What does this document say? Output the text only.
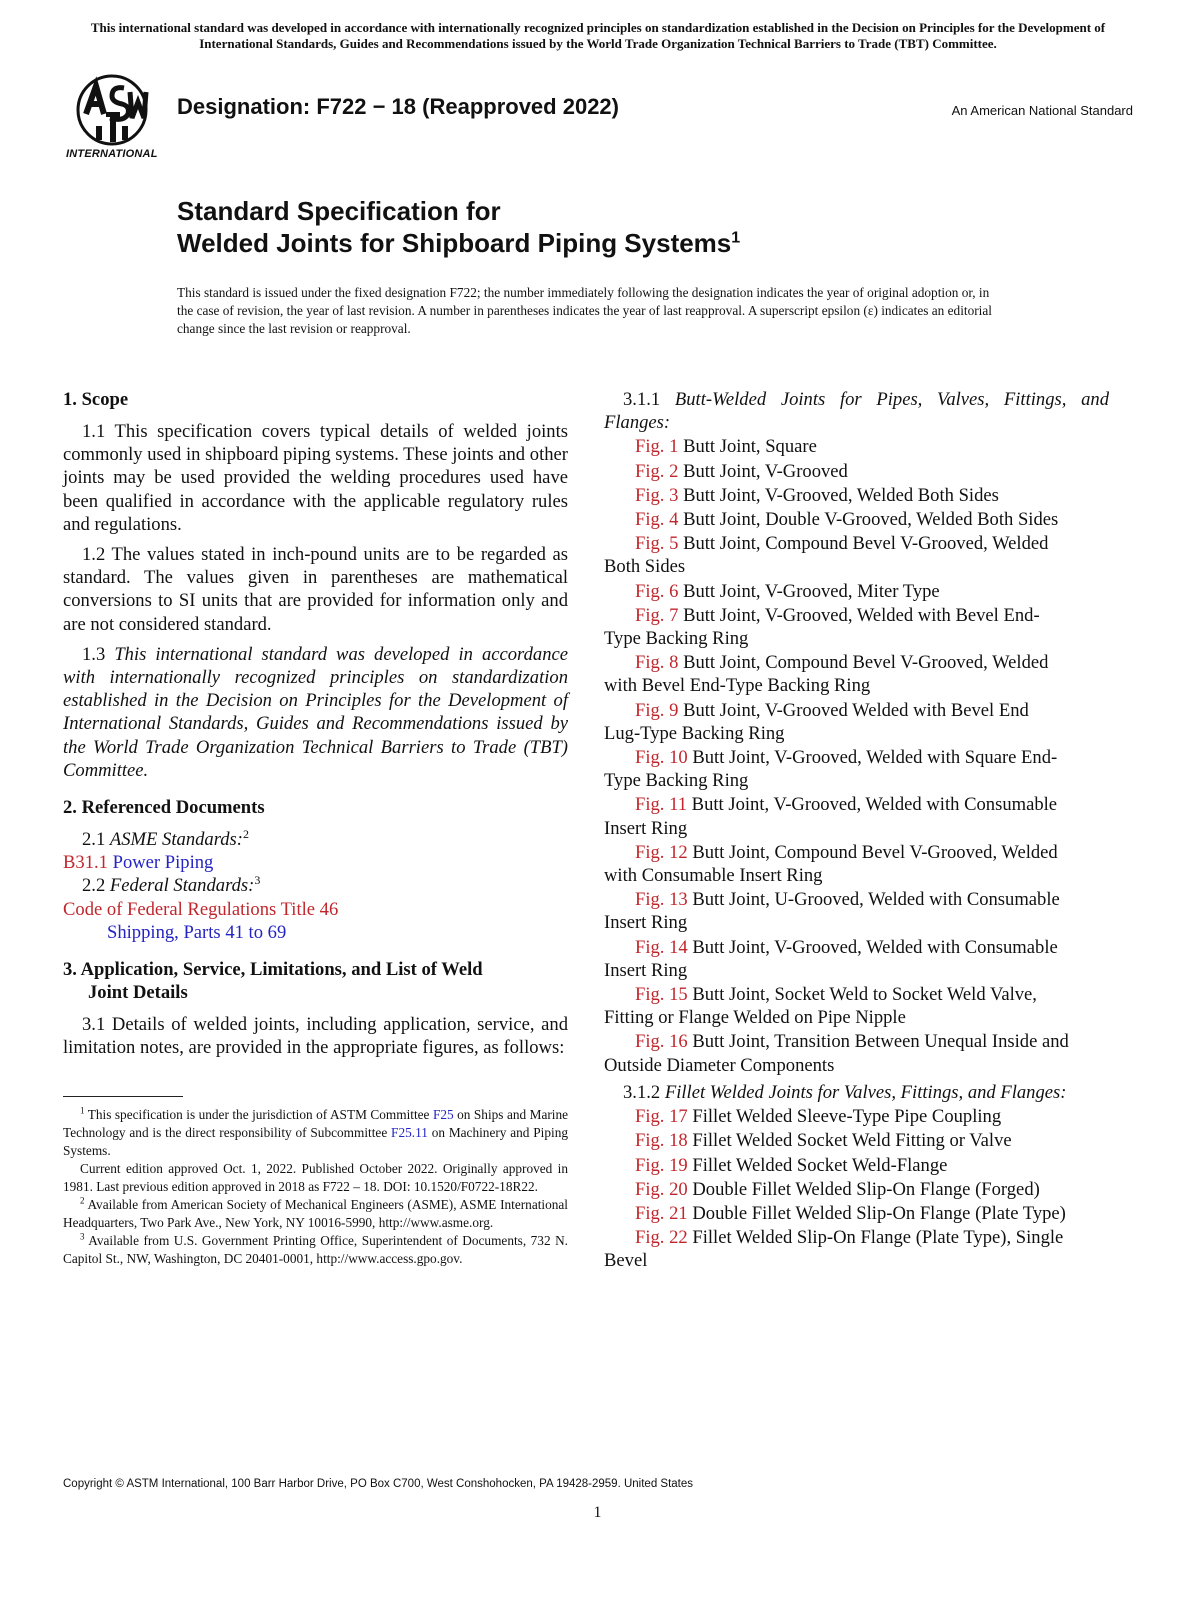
This international standard was developed in accordance with internationally recognized principles on standardization established in the Decision on Principles for the Development of International Standards, Guides and Recommendations issued by the World Trade Organization Technical Barriers to Trade (TBT) Committee.
INTERNATIONAL
Designation: F722 − 18 (Reapproved 2022)	An American National Standard
Standard Specification for
Welded Joints for Shipboard Piping Systems$^1$
This standard is issued under the fixed designation F722; the number immediately following the designation indicates the year of original adoption or, in the case of revision, the year of last revision. A number in parentheses indicates the year of last reapproval. A superscript epsilon (ε) indicates an editorial change since the last revision or reapproval.
1. Scope

1.1 This specification covers typical details of welded joints commonly used in shipboard piping systems. These joints and other joints may be used provided the welding procedures used have been qualified in accordance with the applicable regulatory rules and regulations.

1.2 The values stated in inch-pound units are to be regarded as standard. The values given in parentheses are mathematical conversions to SI units that are provided for information only and are not considered standard.

1.3 This international standard was developed in accordance with internationally recognized principles on standardization established in the Decision on Principles for the Development of International Standards, Guides and Recommendations issued by the World Trade Organization Technical Barriers to Trade (TBT) Committee.

2. Referenced Documents
2.1 ASME Standards:$^2$
B31.1 Power Piping
2.2 Federal Standards:$^3$
Code of Federal Regulations Title 46
Shipping, Parts 41 to 69
3. Application, Service, Limitations, and List of Weld
Joint Details

3.1 Details of welded joints, including application, service, and limitation notes, are provided in the appropriate figures, as follows:

$^1$ This specification is under the jurisdiction of ASTM Committee F25 on Ships and Marine Technology and is the direct responsibility of Subcommittee F25.11 on Machinery and Piping Systems.

Current edition approved Oct. 1, 2022. Published October 2022. Originally approved in 1981. Last previous edition approved in 2018 as F722 – 18. DOI: 10.1520/F0722-18R22.

$^2$ Available from American Society of Mechanical Engineers (ASME), ASME International Headquarters, Two Park Ave., New York, NY 10016-5990, http://www.asme.org.

$^3$ Available from U.S. Government Printing Office, Superintendent of Documents, 732 N. Capitol St., NW, Washington, DC 20401-0001, http://www.access.gpo.gov.

3.1.1 Butt-Welded Joints for Pipes, Valves, Fittings, and Flanges:

Fig. 1 Butt Joint, Square
Fig. 2 Butt Joint, V-Grooved
Fig. 3 Butt Joint, V-Grooved, Welded Both Sides
Fig. 4 Butt Joint, Double V-Grooved, Welded Both Sides
Fig. 5 Butt Joint, Compound Bevel V-Grooved, Welded
Both Sides
Fig. 6 Butt Joint, V-Grooved, Miter Type
Fig. 7 Butt Joint, V-Grooved, Welded with Bevel End-
Type Backing Ring
Fig. 8 Butt Joint, Compound Bevel V-Grooved, Welded
with Bevel End-Type Backing Ring
Fig. 9 Butt Joint, V-Grooved Welded with Bevel End
Lug-Type Backing Ring
Fig. 10 Butt Joint, V-Grooved, Welded with Square End-
Type Backing Ring
Fig. 11 Butt Joint, V-Grooved, Welded with Consumable
Insert Ring
Fig. 12 Butt Joint, Compound Bevel V-Grooved, Welded
with Consumable Insert Ring
Fig. 13 Butt Joint, U-Grooved, Welded with Consumable
Insert Ring
Fig. 14 Butt Joint, V-Grooved, Welded with Consumable
Insert Ring
Fig. 15 Butt Joint, Socket Weld to Socket Weld Valve,
Fitting or Flange Welded on Pipe Nipple
Fig. 16 Butt Joint, Transition Between Unequal Inside and
Outside Diameter Components

3.1.2 Fillet Welded Joints for Valves, Fittings, and Flanges:

Fig. 17 Fillet Welded Sleeve-Type Pipe Coupling
Fig. 18 Fillet Welded Socket Weld Fitting or Valve
Fig. 19 Fillet Welded Socket Weld-Flange
Fig. 20 Double Fillet Welded Slip-On Flange (Forged)
Fig. 21 Double Fillet Welded Slip-On Flange (Plate Type)
Fig. 22 Fillet Welded Slip-On Flange (Plate Type), Single
Bevel
Copyright © ASTM International, 100 Barr Harbor Drive, PO Box C700, West Conshohocken, PA 19428-2959. United States
1
